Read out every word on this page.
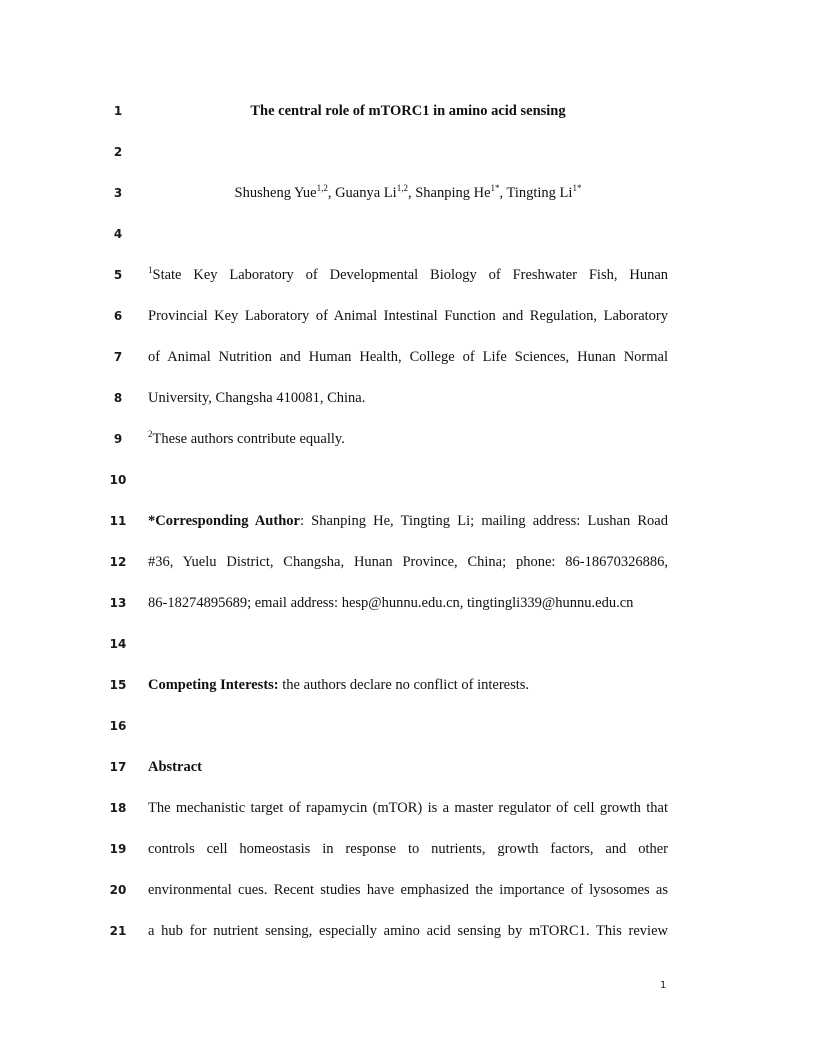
1	The central role of mTORC1 in amino acid sensing
2
3	Shusheng Yue$^{1,2}$, Guanya Li$^{1,2}$, Shanping $He^{1*}$, Tingting $Li^{1*}$
4
5	$^1$State Key Laboratory of Developmental Biology of Freshwater Fish, Hunan
6	Provincial Key Laboratory of Animal Intestinal Function and Regulation, Laboratory
7	of Animal Nutrition and Human Health, College of Life Sciences, Hunan Normal
8	University, Changsha 410081, China.
9	$^2$These authors contribute equally.
10
11 *Corresponding Author: Shanping He, Tingting Li; mailing address: Lushan Road
12 #36, Yuelu District, Changsha, Hunan Province, China; phone: 86-18670326886,
13 86-18274895689; email address: hesp@hunnu.edu.cn, tingtingli339@hunnu.edu.cn
14
15 Competing Interests: the authors declare no conflict of interests.
16
17 Abstract
18 The mechanistic target of rapamycin (mTOR) is a master regulator of cell growth that
19 controls cell homeostasis in response to nutrients, growth factors, and other
20 environmental cues. Recent studies have emphasized the importance of lysosomes as
21 a hub for nutrient sensing, especially amino acid sensing by mTORC1. This review
1
